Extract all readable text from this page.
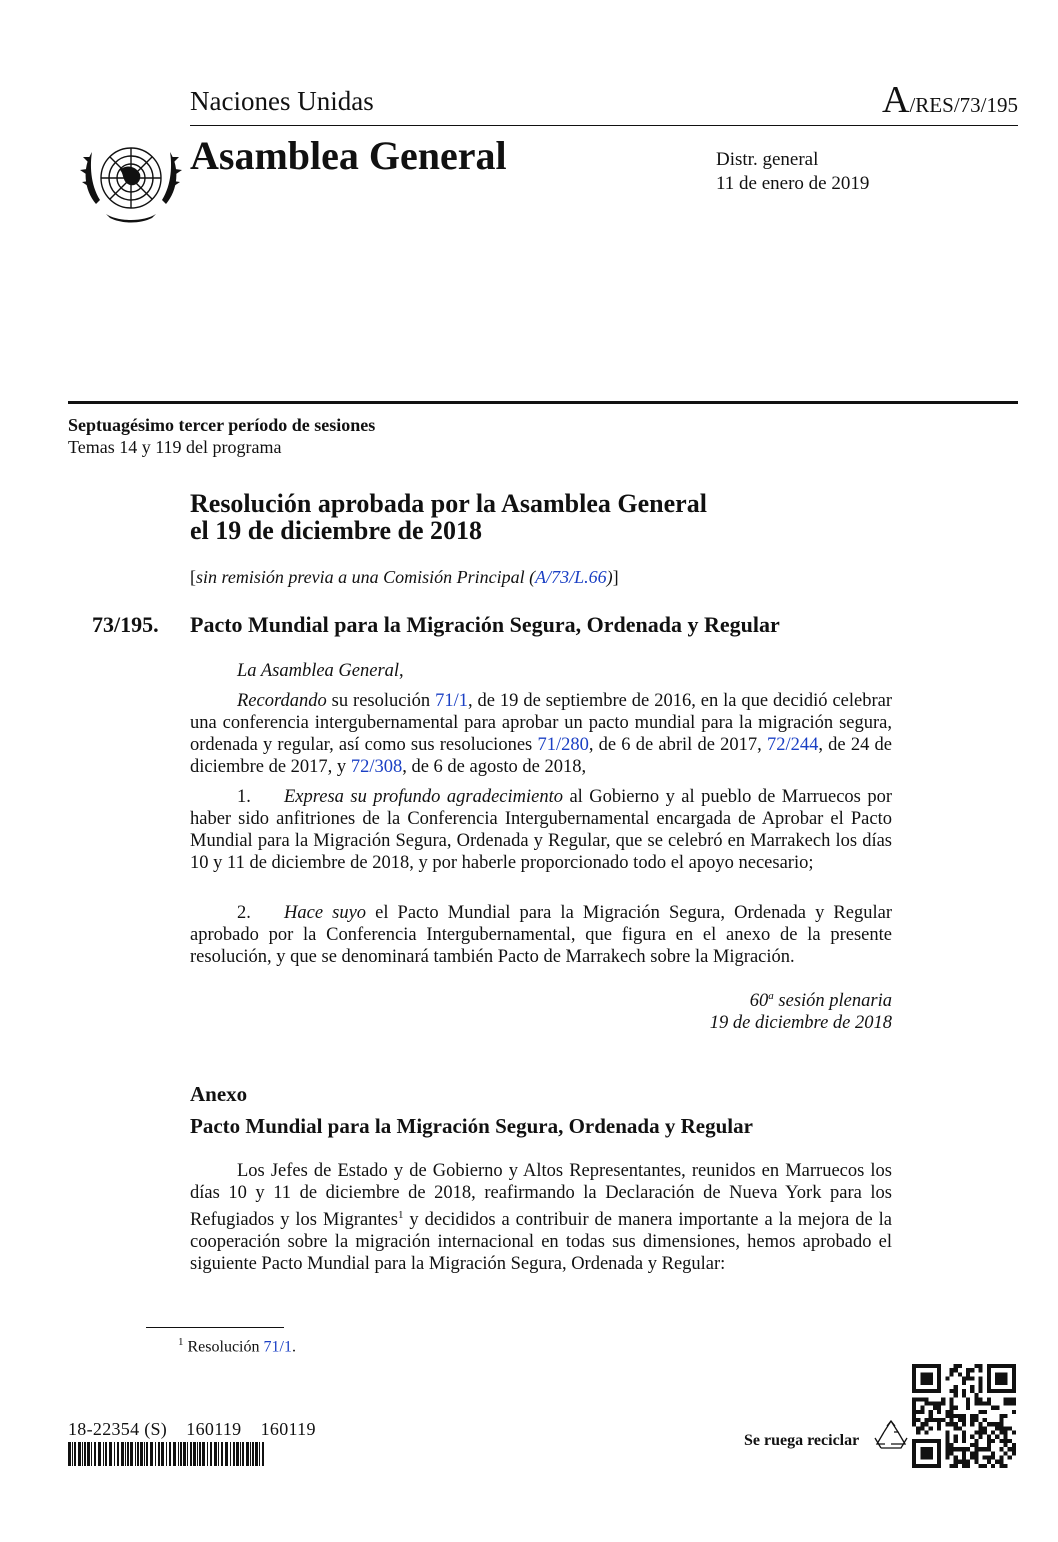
Naciones Unidas	A/RES/73/195
Asamblea General	Distr. general
11 de enero de 2019
Septuagésimo tercer período de sesiones
Temas 14 y 119 del programa
Resolución aprobada por la Asamblea General
el 19 de diciembre de 2018
[sin remisión previa a una Comisión Principal (A/73/L.66)]
73/195. Pacto Mundial para la Migración Segura, Ordenada y Regular
La Asamblea General,
Recordando su resolución 71/1, de 19 de septiembre de 2016, en la que decidió celebrar una conferencia intergubernamental para aprobar un pacto mundial para la migración segura, ordenada y regular, así como sus resoluciones 71/280, de 6 de abril de 2017, 72/244, de 24 de diciembre de 2017, y 72/308, de 6 de agosto de 2018,
1. Expresa su profundo agradecimiento al Gobierno y al pueblo de Marruecos por haber sido anfitriones de la Conferencia Intergubernamental encargada de Aprobar el Pacto Mundial para la Migración Segura, Ordenada y Regular, que se celebró en Marrakech los días 10 y 11 de diciembre de 2018, y por haberle proporcionado todo el apoyo necesario;
2. Hace suyo el Pacto Mundial para la Migración Segura, Ordenada y Regular aprobado por la Conferencia Intergubernamental, que figura en el anexo de la presente resolución, y que se denominará también Pacto de Marrakech sobre la Migración.
60$^a$ sesión plenaria
19 de diciembre de 2018
Anexo
Pacto Mundial para la Migración Segura, Ordenada y Regular
Los Jefes de Estado y de Gobierno y Altos Representantes, reunidos en Marruecos los días 10 y 11 de diciembre de 2018, reafirmando la Declaración de Nueva York para los Refugiados y los Migrantes$^1$ y decididos a contribuir de manera importante a la mejora de la cooperación sobre la migración internacional en todas sus dimensiones, hemos aprobado el siguiente Pacto Mundial para la Migración Segura, Ordenada y Regular:
$^1$ Resolución 71/1.
18-22354 (S)    160119    160119
Se ruega reciclar
